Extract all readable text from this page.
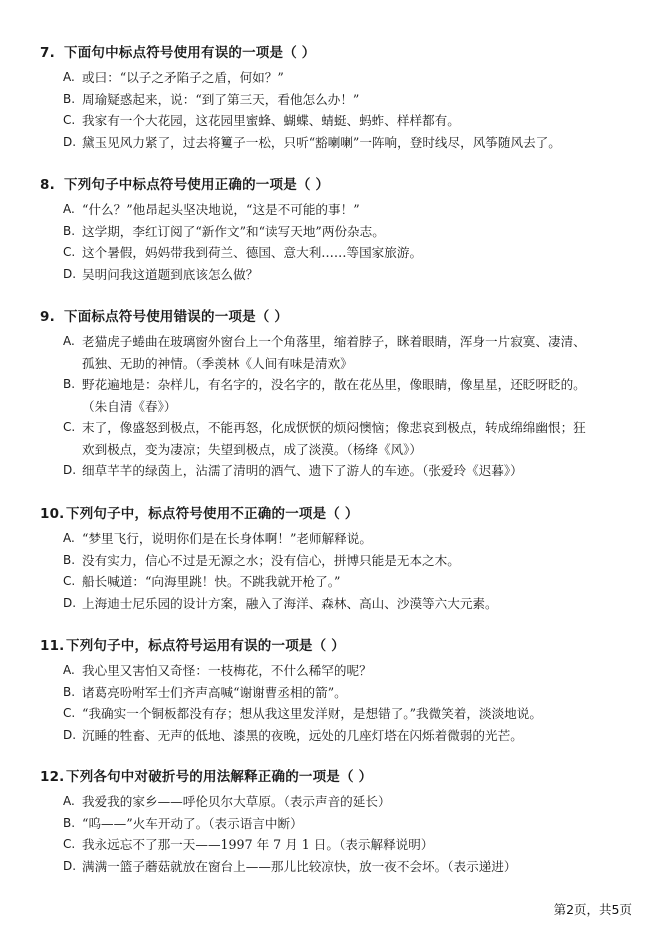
7. 下面句中标点符号使用有误的一项是（ ）
A. 或曰：“以子之矛陷子之盾，何如？”
B. 周瑜疑惑起来，说：“到了第三天，看他怎么办！”
C. 我家有一个大花园，这花园里蜜蜂、蝴蝶、蜻蜓、蚂蚱、样样都有。
D. 黛玉见风力紧了，过去将籰子一松，只听“豁喇喇”一阵响，登时线尽，风筝随风去了。
8. 下列句子中标点符号使用正确的一项是（ ）
A. “什么？”他昂起头坚决地说，“这是不可能的事！”
B. 这学期，李红订阅了“新作文”和“读写天地”两份杂志。
C. 这个暑假，妈妈带我到荷兰、德国、意大利……等国家旅游。
D. 吴明问我这道题到底该怎么做？
9. 下面标点符号使用错误的一项是（ ）
A. 老猫虎子蜷曲在玻璃窗外窗台上一个角落里，缩着脖子，眯着眼睛，浑身一片寂寞、凄清、
孤独、无助的神情。（季羡林《人间有味是清欢》
B. 野花遍地是：杂样儿，有名字的，没名字的，散在花丛里，像眼睛，像星星，还眨呀眨的。
（朱自清《春》）
C. 末了，像盛怒到极点，不能再怒，化成恹恹的烦闷懊恼；像悲哀到极点，转成绵绵幽恨；狂
欢到极点，变为凄凉；失望到极点，成了淡漠。（杨绛《风》）
D. 细草芊芊的绿茵上，沾濡了清明的酒气、遗下了游人的车迹。（张爱玲《迟暮》）
10.下列句子中，标点符号使用不正确的一项是（ ）
A. “梦里飞行，说明你们是在长身体啊！”老师解释说。
B. 没有实力，信心不过是无源之水；没有信心，拼博只能是无本之木。
C. 船长喊道：“向海里跳！快。不跳我就开枪了。”
D. 上海迪士尼乐园的设计方案，融入了海洋、森林、高山、沙漠等六大元素。
11.下列句子中，标点符号运用有误的一项是（ ）
A. 我心里又害怕又奇怪：一枝梅花，不什么稀罕的呢？
B. 诸葛亮吩咐军士们齐声高喊“谢谢曹丞相的箭”。
C. “我确实一个铜板都没有存；想从我这里发洋财，是想错了。”我微笑着，淡淡地说。
D. 沉睡的牲畜、无声的低地、漆黑的夜晚，远处的几座灯塔在闪烁着微弱的光芒。
12.下列各句中对破折号的用法解释正确的一项是（ ）
A. 我爱我的家乡——呼伦贝尔大草原。（表示声音的延长）
B. “呜——”火车开动了。（表示语言中断）
C. 我永远忘不了那一天——1997 年 7 月 1 日。（表示解释说明）
D. 满满一篮子蘑菇就放在窗台上——那儿比较凉快，放一夜不会坏。（表示递进）
第2页，共5页
